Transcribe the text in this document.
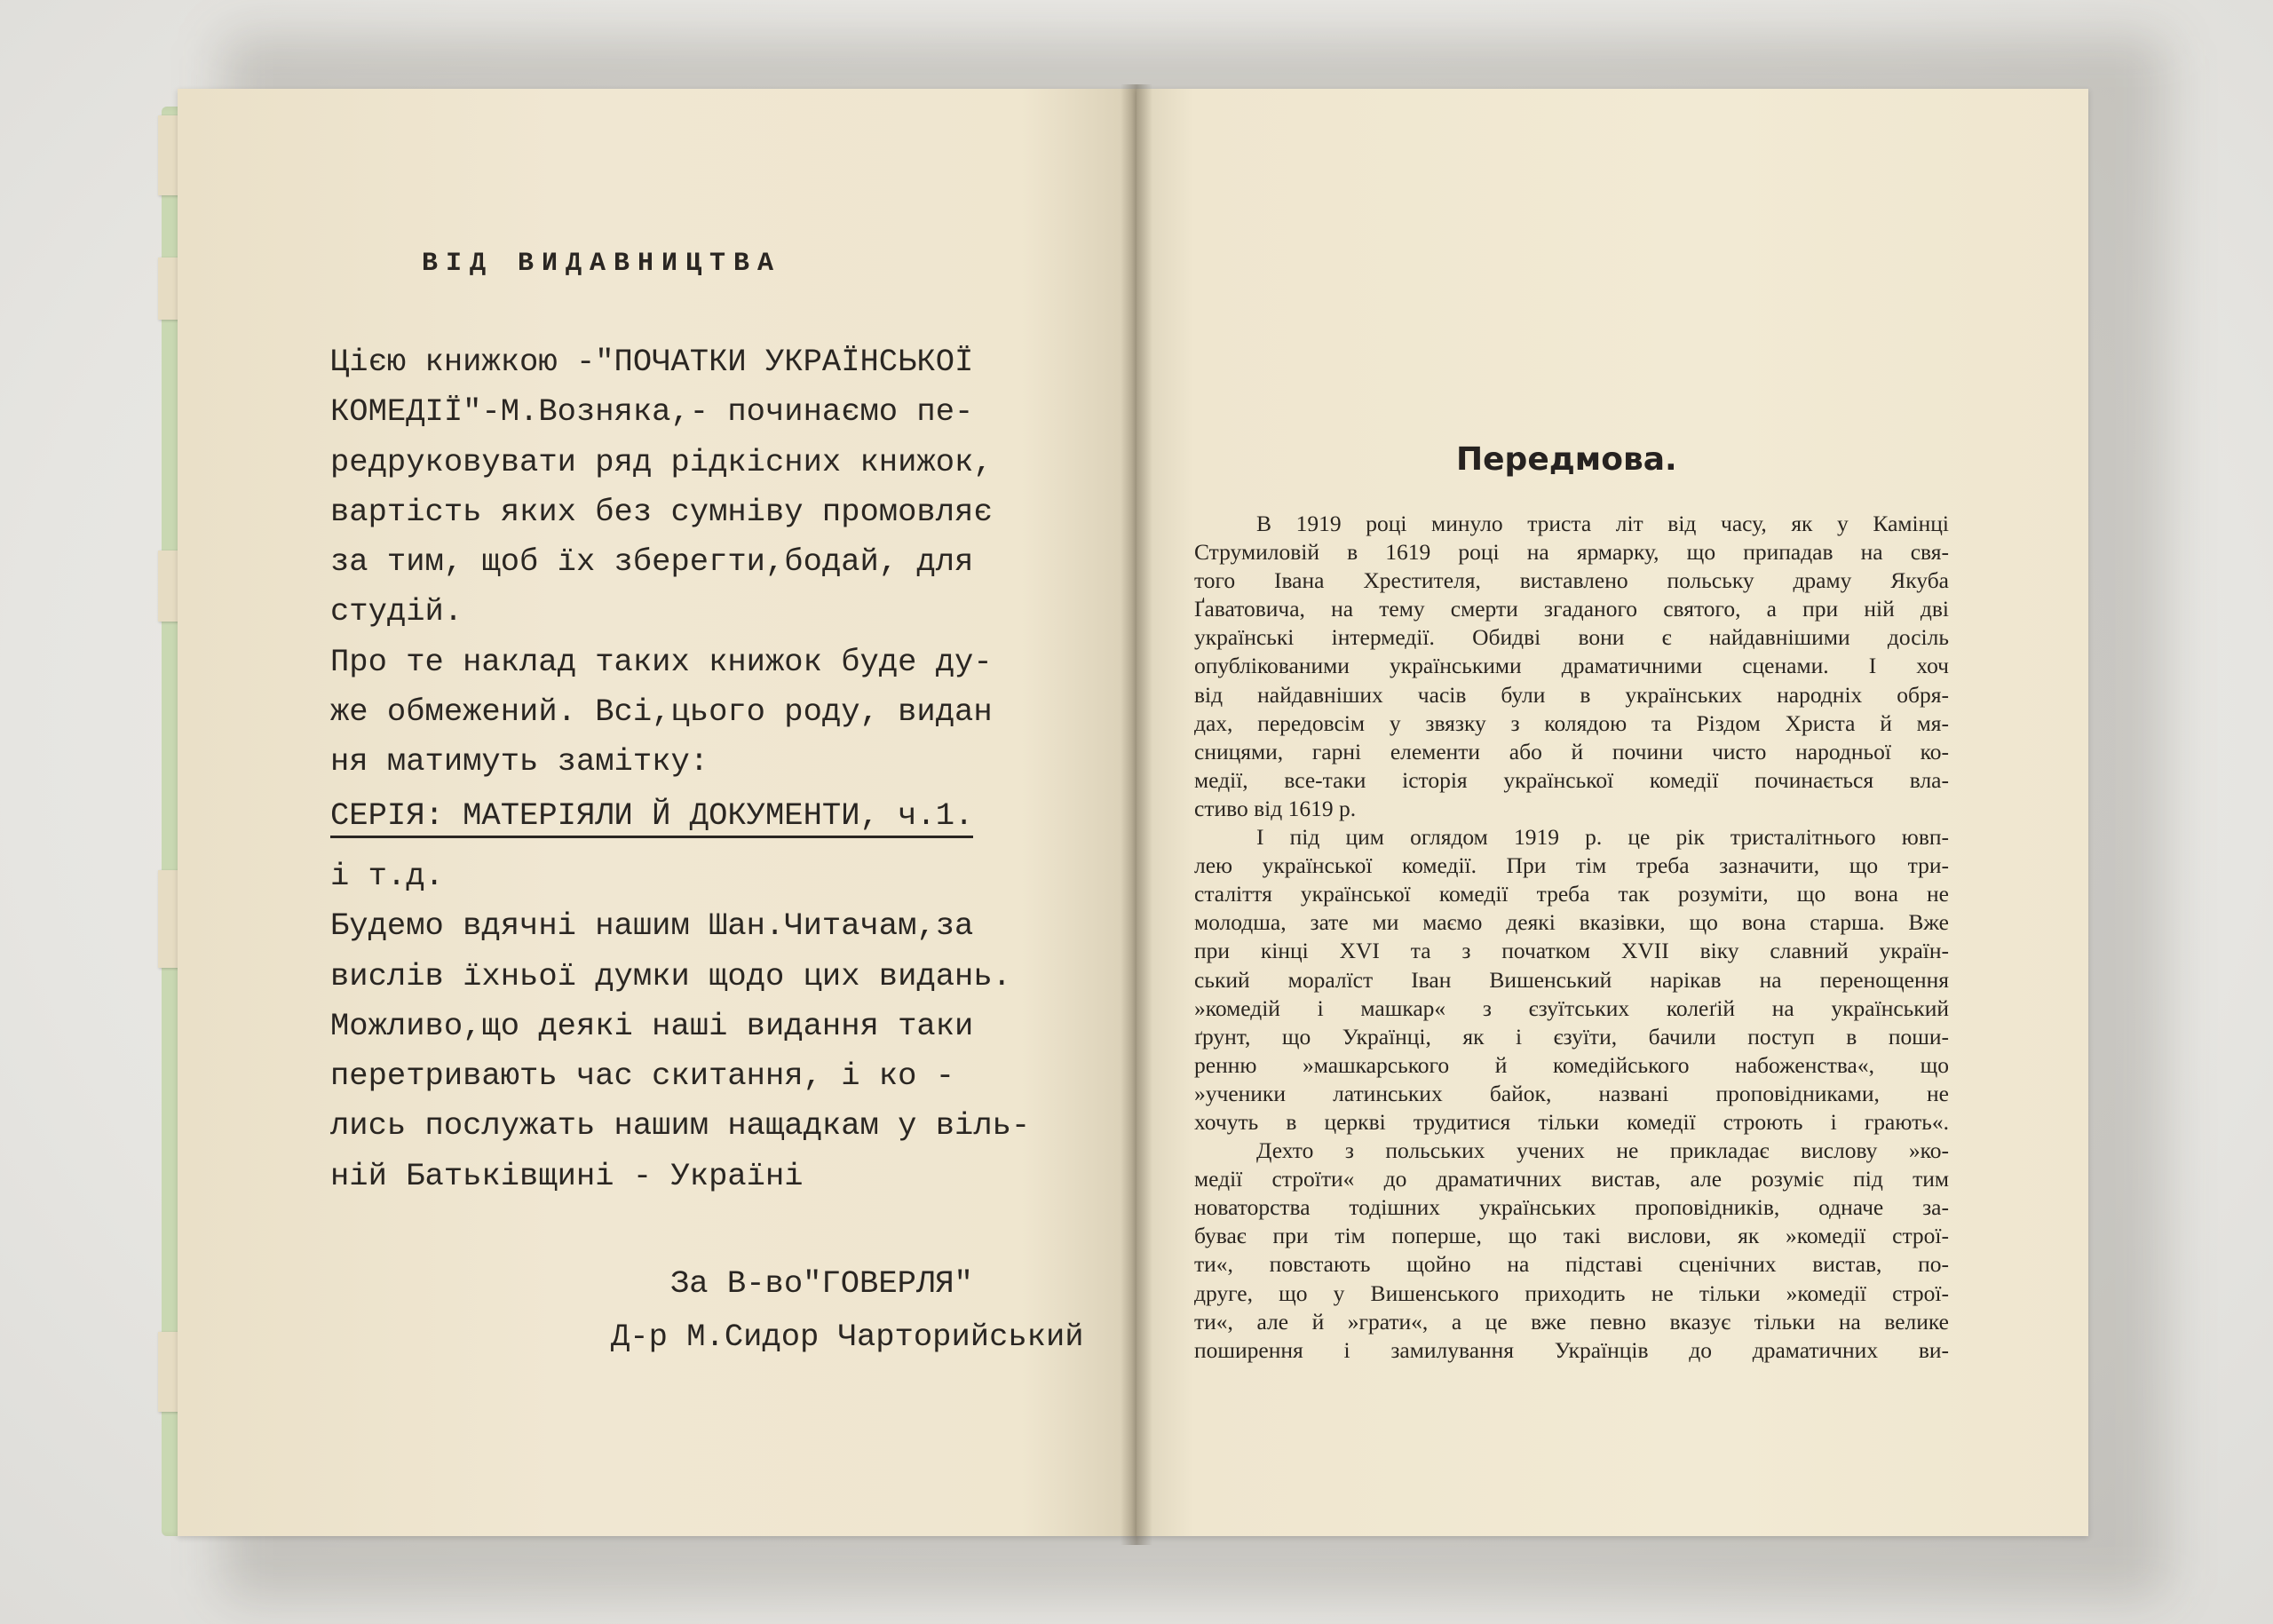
ВІД ВИДАВНИЦТВА
Цією книжкою -"ПОЧАТКИ УКРАЇНСЬКОЇ
КОМЕДІЇ"-М.Возняка,- починаємо пе-
редруковувати ряд рідкісних книжок,
вартість яких без сумніву промовляє
за тим, щоб їх зберегти,бодай, для
студій.
Про те наклад таких книжок буде ду-
же обмежений. Всі,цього роду, видан
ня матимуть замітку:
СЕРІЯ: МАТЕРІЯЛИ Й ДОКУМЕНТИ, ч.1.
і т.д.
Будемо вдячні нашим Шан.Читачам,за
вислів їхньої думки щодо цих видань.
Можливо,що деякі наші видання таки
перетривають час скитання, і ко -
лись послужать нашим нащадкам у віль-
ній Батьківщині - Україні

За В-во"ГОВЕРЛЯ"

Д-р М.Сидор Чарторийський

Передмова.
В 1919 році минуло триста літ від часу, як у Камінці
Струмиловій в 1619 році на ярмарку, що припадав на свя-
того Івана Хрестителя, виставлено польську драму Якуба
Ґаватовича, на тему смерти згаданого святого, а при ній дві
українські інтермедії. Обидві вони є найдавнішими досіль
опублікованими українськими драматичними сценами. І хоч
від найдавніших часів були в українських народніх обря-
дах, передовсім у звязку з колядою та Різдом Христа й мя-
сницями, гарні елементи або й почини чисто народньої ко-
медії, все-таки історія української комедії починається вла-
стиво від 1619 р.
І під цим оглядом 1919 р. це рік тристалітнього ювп-
лею української комедії. При тім треба зазначити, що три-
сталіття української комедії треба так розуміти, що вона не
молодша, зате ми маємо деякі вказівки, що вона старша. Вже
при кінці XVI та з початком XVII віку славний україн-
ський моралїст Іван Вишенський нарікав на перенощення
»комедій і машкар« з єзуїтських колеґій на український
ґрунт, що Українці, як і єзуїти, бачили поступ в поши-
ренню »машкарського й комедійського набоженства«, що
»ученики латинських байок, названі проповідниками, не
хочуть в церкві трудитися тільки комедії строють і грають«.
Дехто з польських учених не прикладає вислову »ко-
медії строїти« до драматичних вистав, але розуміє під тим
новаторства тодішних українських проповідників, одначе за-
буває при тім поперше, що такі вислови, як »комедії строї-
ти«, повстають щойно на підставі сценічних вистав, по-
друге, що у Вишенського приходить не тільки »комедії строї-
ти«, але й »грати«, а це вже певно вказує тільки на велике
поширення і замилування Українців до драматичних ви-
